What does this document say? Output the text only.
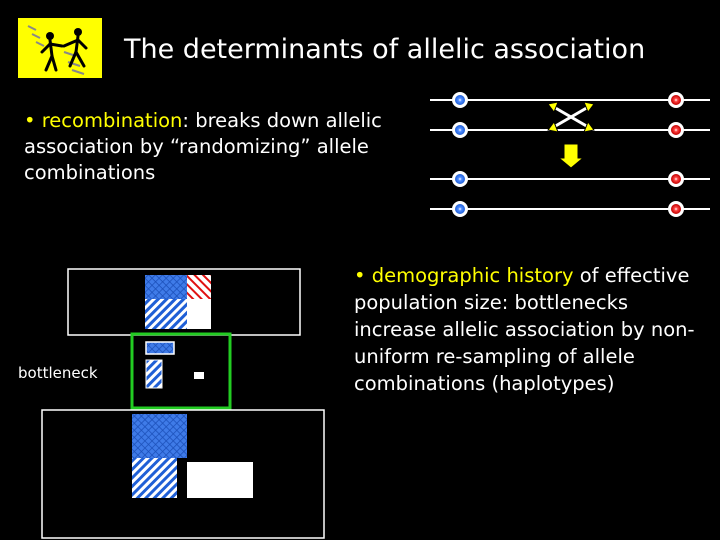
The determinants of allelic association
• recombination: breaks down allelic association by “randomizing” allele combinations
bottleneck
• demographic history of effective population size: bottlenecks increase allelic association by non-uniform re-sampling of allele combinations (haplotypes)
